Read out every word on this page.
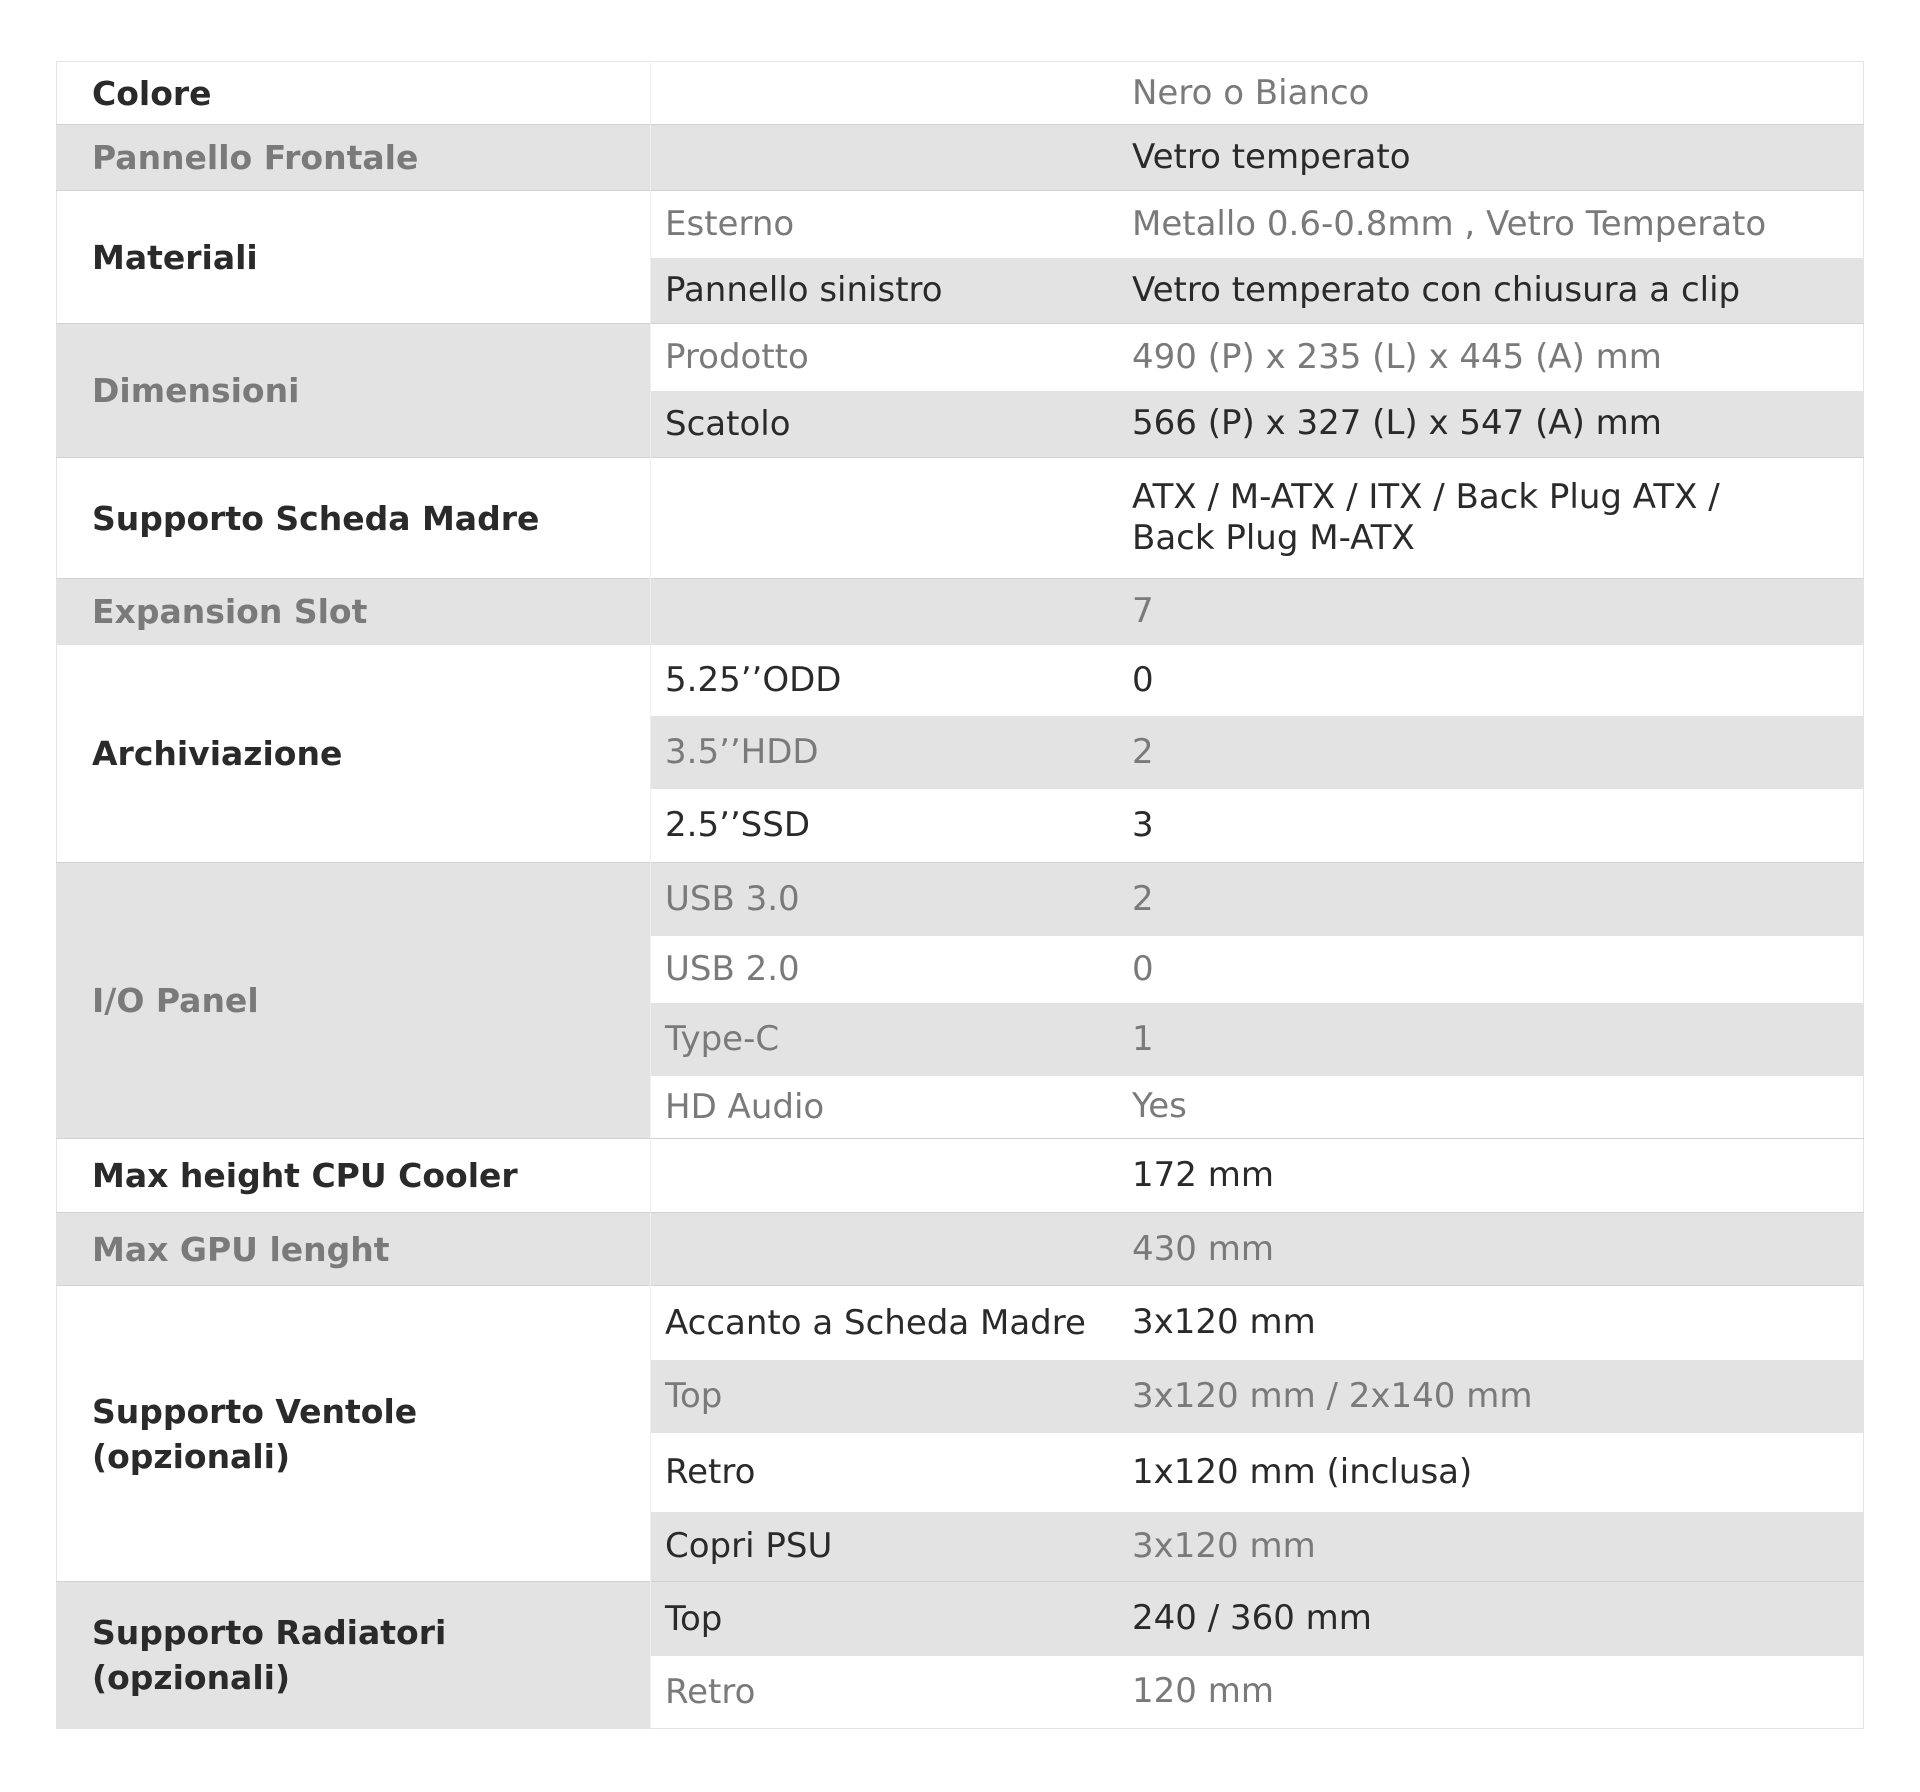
Colore		Nero o Bianco
Pannello Frontale		Vetro temperato
Materiali	Esterno	Metallo 0.6-0.8mm , Vetro Temperato
	Pannello sinistro	Vetro temperato con chiusura a clip
Dimensioni	Prodotto	490 (P) x 235 (L) x 445 (A) mm
	Scatolo	566 (P) x 327 (L) x 547 (A) mm
Supporto Scheda Madre		ATX / M-ATX / ITX / Back Plug ATX /
Back Plug M-ATX

Expansion Slot		7
Archiviazione	5.25’’ODD	0
	3.5’’HDD	2
	2.5’’SSD	3
I/O Panel	USB 3.0	2
	USB 2.0	0
	Type-C	1
	HD Audio	Yes
Max height CPU Cooler		172 mm
Max GPU lenght		430 mm

Supporto Ventole
(opzionali)	Accanto a Scheda Madre	3x120 mm
	Top	3x120 mm / 2x140 mm
	Retro	1x120 mm (inclusa)
	Copri PSU	3x120 mm

Supporto Radiatori
(opzionali)	Top	240 / 360 mm
	Retro	120 mm
